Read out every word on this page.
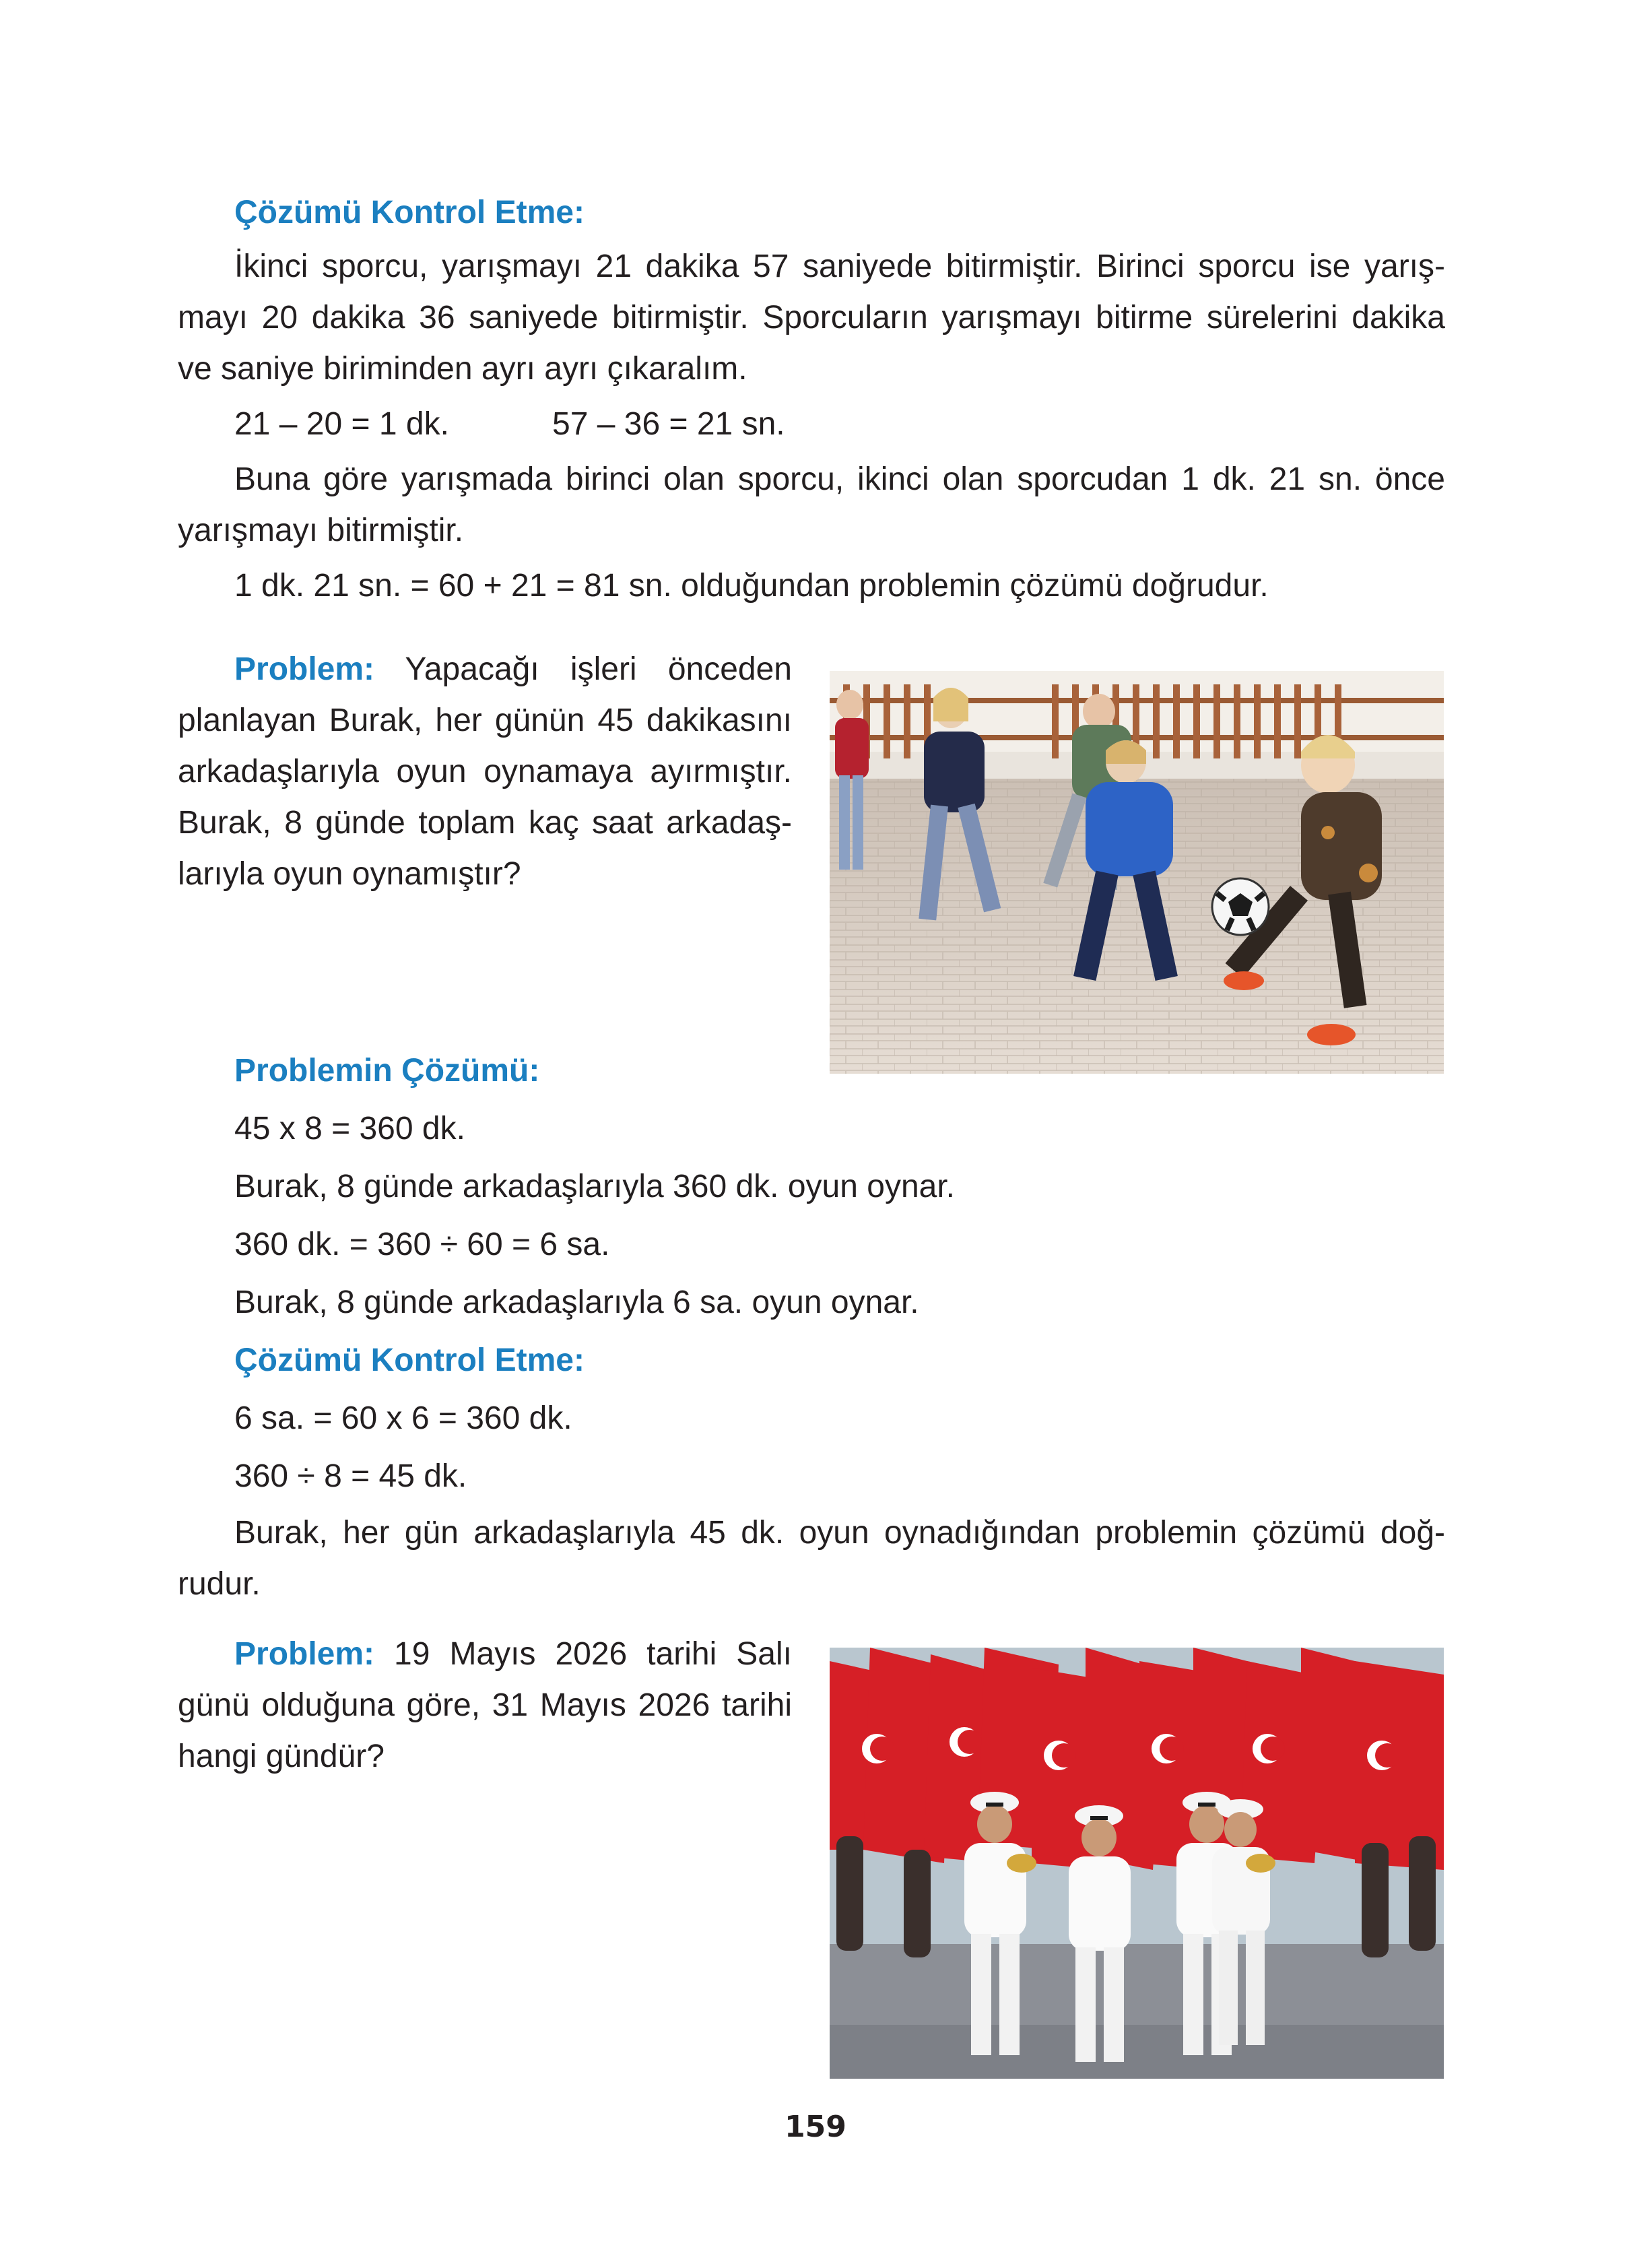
Çözümü Kontrol Etme:
İkinci sporcu, yarışmayı 21 dakika 57 saniyede bitirmiştir. Birinci sporcu ise yarış-
mayı 20 dakika 36 saniyede bitirmiştir. Sporcuların yarışmayı bitirme sürelerini dakika
ve saniye biriminden ayrı ayrı çıkaralım.
21 – 20 = 1 dk.	57 – 36 = 21 sn.
Buna göre yarışmada birinci olan sporcu, ikinci olan sporcudan 1 dk. 21 sn. önce
yarışmayı bitirmiştir.
1 dk. 21 sn. = 60 + 21 = 81 sn. olduğundan problemin çözümü doğrudur.
Problem: Yapacağı işleri önceden
planlayan Burak, her günün 45 dakikasını
arkadaşlarıyla oyun oynamaya ayırmıştır.
Burak, 8 günde toplam kaç saat arkadaş-
larıyla oyun oynamıştır?
Problemin Çözümü:
45 x 8 = 360 dk.
Burak, 8 günde arkadaşlarıyla 360 dk. oyun oynar.
360 dk. = 360 ÷ 60 = 6 sa.
Burak, 8 günde arkadaşlarıyla 6 sa. oyun oynar.
Çözümü Kontrol Etme:
6 sa. = 60 x 6 = 360 dk.
360 ÷ 8 = 45 dk.
Burak, her gün arkadaşlarıyla 45 dk. oyun oynadığından problemin çözümü doğ-
rudur.
Problem: 19 Mayıs 2026 tarihi Salı
günü olduğuna göre, 31 Mayıs 2026 tarihi
hangi gündür?
159
